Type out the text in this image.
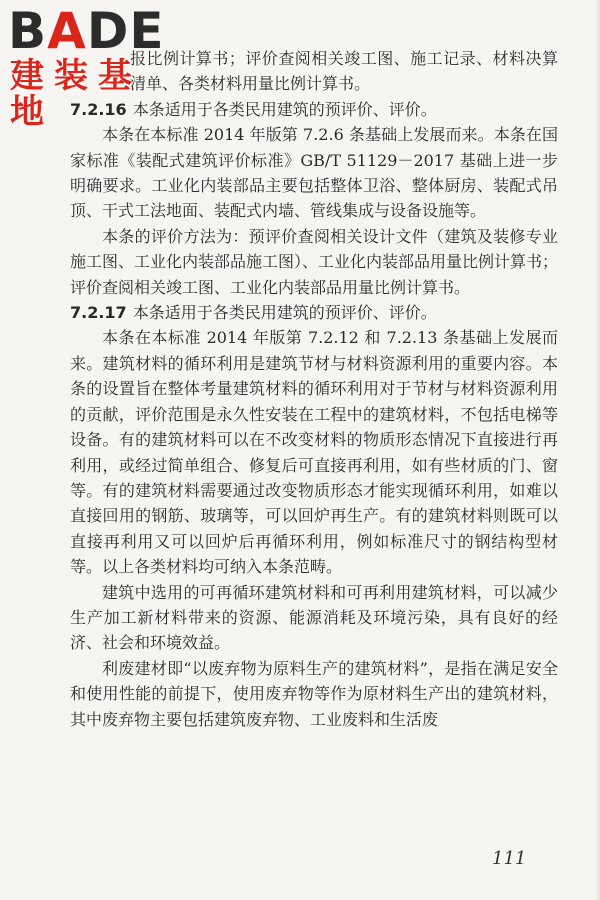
BADE
建装基地

报比例计算书；评价查阅相关竣工图、施工记录、材料决算清单、各类材料用量比例计算书。

7.2.16 本条适用于各类民用建筑的预评价、评价。

本条在本标准 2014 年版第 7.2.6 条基础上发展而来。本条在国家标准《装配式建筑评价标准》GB/T 51129－2017 基础上进一步明确要求。工业化内装部品主要包括整体卫浴、整体厨房、装配式吊顶、干式工法地面、装配式内墙、管线集成与设备设施等。

本条的评价方法为：预评价查阅相关设计文件（建筑及装修专业施工图、工业化内装部品施工图）、工业化内装部品用量比例计算书；评价查阅相关竣工图、工业化内装部品用量比例计算书。

7.2.17 本条适用于各类民用建筑的预评价、评价。

本条在本标准 2014 年版第 7.2.12 和 7.2.13 条基础上发展而来。建筑材料的循环利用是建筑节材与材料资源利用的重要内容。本条的设置旨在整体考量建筑材料的循环利用对于节材与材料资源利用的贡献，评价范围是永久性安装在工程中的建筑材料，不包括电梯等设备。有的建筑材料可以在不改变材料的物质形态情况下直接进行再利用，或经过简单组合、修复后可直接再利用，如有些材质的门、窗等。有的建筑材料需要通过改变物质形态才能实现循环利用，如难以直接回用的钢筋、玻璃等，可以回炉再生产。有的建筑材料则既可以直接再利用又可以回炉后再循环利用，例如标准尺寸的钢结构型材等。以上各类材料均可纳入本条范畴。

建筑中选用的可再循环建筑材料和可再利用建筑材料，可以减少生产加工新材料带来的资源、能源消耗及环境污染，具有良好的经济、社会和环境效益。

利废建材即“以废弃物为原料生产的建筑材料”，是指在满足安全和使用性能的前提下，使用废弃物等作为原材料生产出的建筑材料，其中废弃物主要包括建筑废弃物、工业废料和生活废

111
